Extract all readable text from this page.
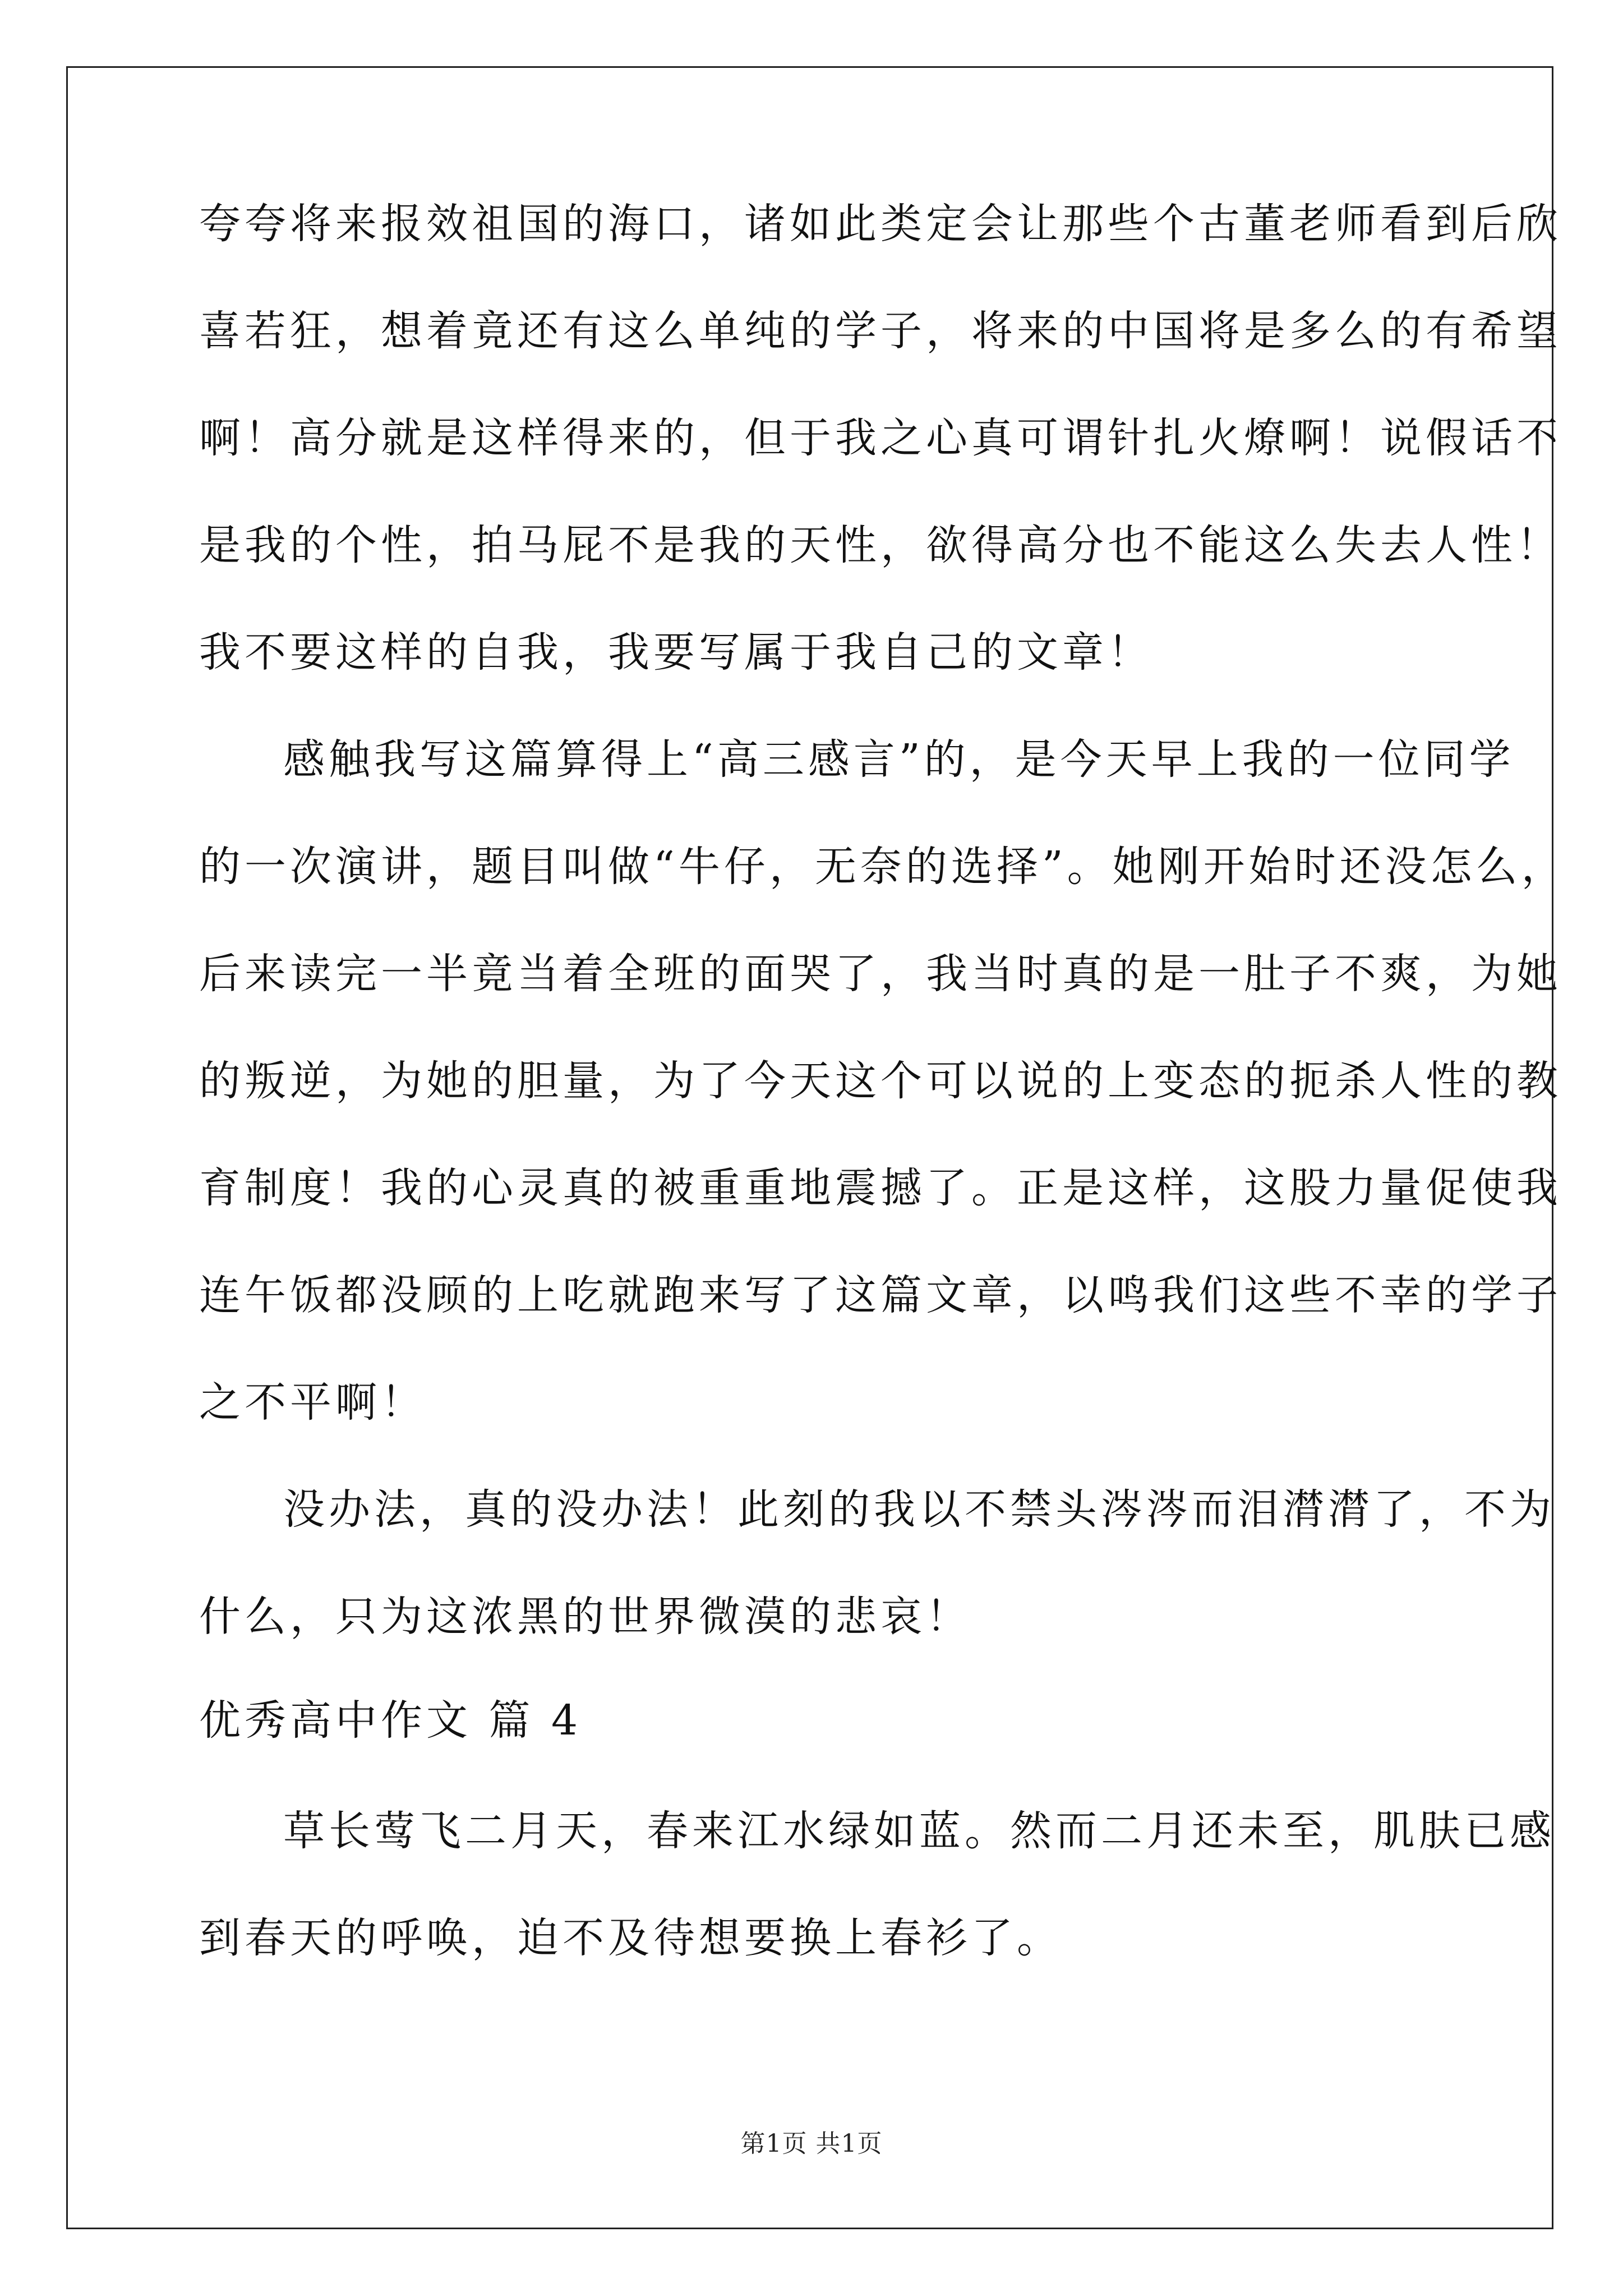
夸夸将来报效祖国的海口，诸如此类定会让那些个古董老师看到后欣
喜若狂，想着竟还有这么单纯的学子，将来的中国将是多么的有希望
啊！高分就是这样得来的，但于我之心真可谓针扎火燎啊！说假话不
是我的个性，拍马屁不是我的天性，欲得高分也不能这么失去人性！
我不要这样的自我，我要写属于我自己的文章！
感触我写这篇算得上“高三感言”的，是今天早上我的一位同学
的一次演讲，题目叫做“牛仔，无奈的选择”。她刚开始时还没怎么，
后来读完一半竟当着全班的面哭了，我当时真的是一肚子不爽，为她
的叛逆，为她的胆量，为了今天这个可以说的上变态的扼杀人性的教
育制度！我的心灵真的被重重地震撼了。正是这样，这股力量促使我
连午饭都没顾的上吃就跑来写了这篇文章，以鸣我们这些不幸的学子
之不平啊！
没办法，真的没办法！此刻的我以不禁头涔涔而泪潸潸了，不为
什么，只为这浓黑的世界微漠的悲哀！
优秀高中作文 篇 4
草长莺飞二月天，春来江水绿如蓝。然而二月还未至，肌肤已感
到春天的呼唤，迫不及待想要换上春衫了。
第1页 共1页
